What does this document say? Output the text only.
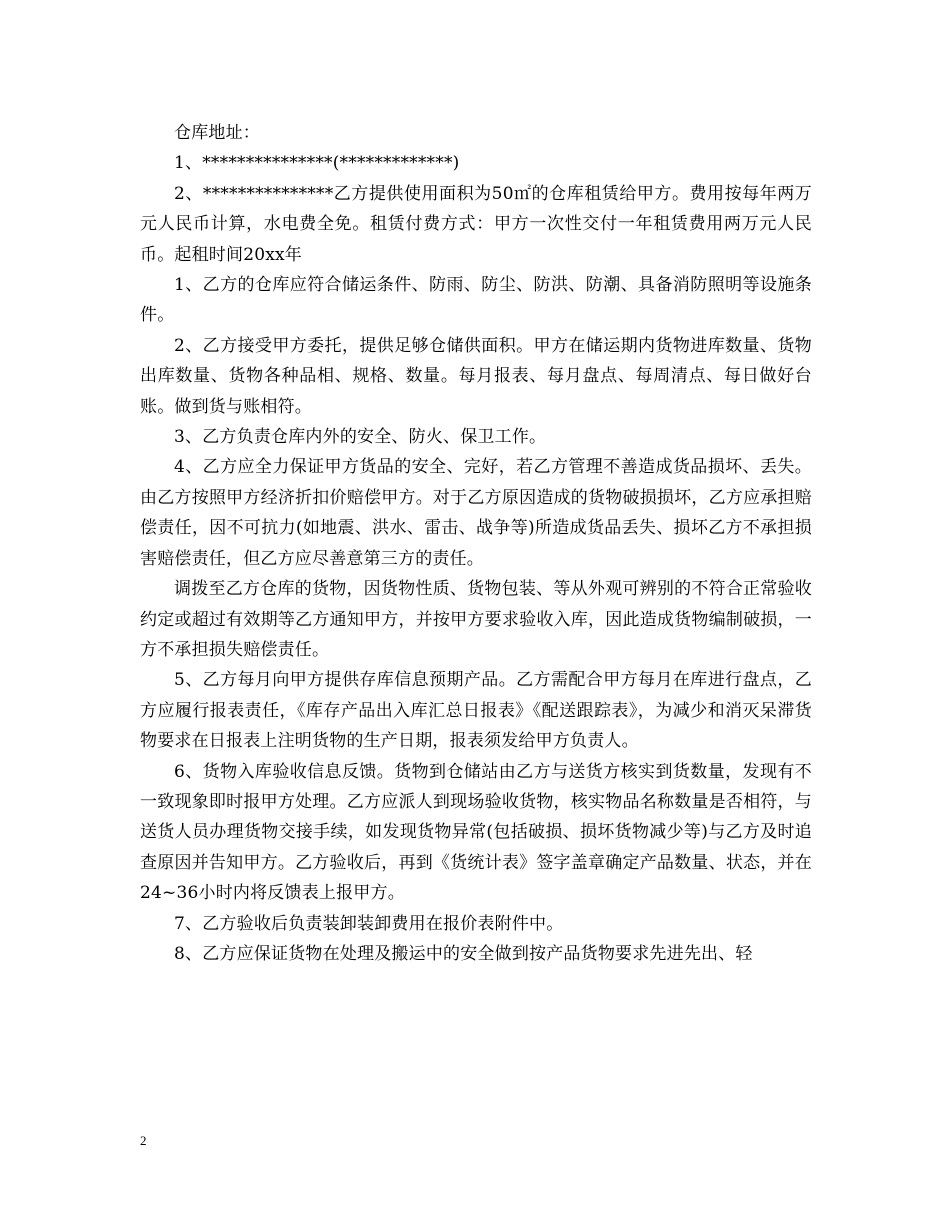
仓库地址：

1、***************(*************)

2、***************乙方提供使用面积为50㎡的仓库租赁给甲方。费用按每年两万元人民币计算，水电费全免。租赁付费方式：甲方一次性交付一年租赁费用两万元人民币。起租时间20xx年

1、乙方的仓库应符合储运条件、防雨、防尘、防洪、防潮、具备消防照明等设施条件。

2、乙方接受甲方委托，提供足够仓储供面积。甲方在储运期内货物进库数量、货物出库数量、货物各种品相、规格、数量。每月报表、每月盘点、每周清点、每日做好台账。做到货与账相符。

3、乙方负责仓库内外的安全、防火、保卫工作。

4、乙方应全力保证甲方货品的安全、完好，若乙方管理不善造成货品损坏、丢失。由乙方按照甲方经济折扣价赔偿甲方。对于乙方原因造成的货物破损损坏，乙方应承担赔偿责任，因不可抗力(如地震、洪水、雷击、战争等)所造成货品丢失、损坏乙方不承担损害赔偿责任，但乙方应尽善意第三方的责任。

调拨至乙方仓库的货物，因货物性质、货物包装、等从外观可辨别的不符合正常验收约定或超过有效期等乙方通知甲方，并按甲方要求验收入库，因此造成货物编制破损，一方不承担损失赔偿责任。

5、乙方每月向甲方提供存库信息预期产品。乙方需配合甲方每月在库进行盘点，乙方应履行报表责任，《库存产品出入库汇总日报表》《配送跟踪表》，为减少和消灭呆滞货物要求在日报表上注明货物的生产日期，报表须发给甲方负责人。

6、货物入库验收信息反馈。货物到仓储站由乙方与送货方核实到货数量，发现有不一致现象即时报甲方处理。乙方应派人到现场验收货物，核实物品名称数量是否相符，与送货人员办理货物交接手续，如发现货物异常(包括破损、损坏货物减少等)与乙方及时追查原因并告知甲方。乙方验收后，再到《货统计表》签字盖章确定产品数量、状态，并在24~36小时内将反馈表上报甲方。

7、乙方验收后负责装卸装卸费用在报价表附件中。

8、乙方应保证货物在处理及搬运中的安全做到按产品货物要求先进先出、轻

2
